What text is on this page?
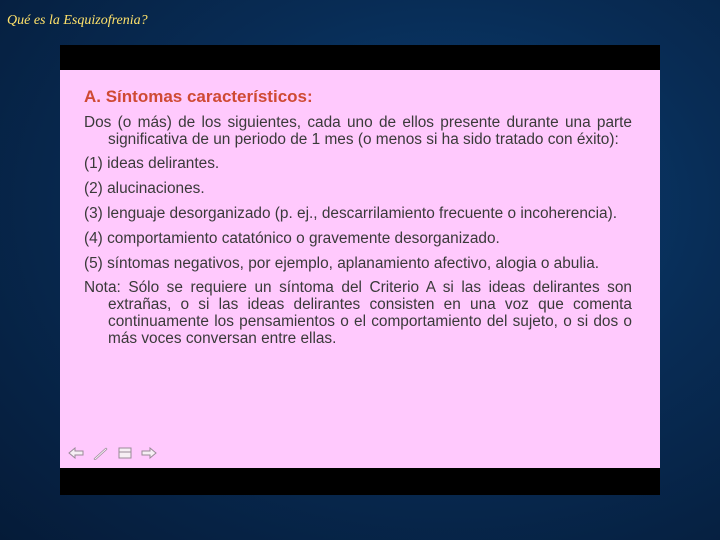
Qué es la Esquizofrenia?
A. Síntomas característicos:
Dos (o más) de los siguientes, cada uno de ellos presente durante una parte significativa de un periodo de 1 mes (o menos si ha sido tratado con éxito):
(1) ideas delirantes.
(2) alucinaciones.
(3) lenguaje desorganizado (p. ej., descarrilamiento frecuente o incoherencia).
(4) comportamiento catatónico o gravemente desorganizado.
(5) síntomas negativos, por ejemplo, aplanamiento afectivo, alogia o abulia.
Nota: Sólo se requiere un síntoma del Criterio A si las ideas delirantes son extrañas, o si las ideas delirantes consisten en una voz que comenta continuamente los pensamientos o el comportamiento del sujeto, o si dos o más voces conversan entre ellas.
